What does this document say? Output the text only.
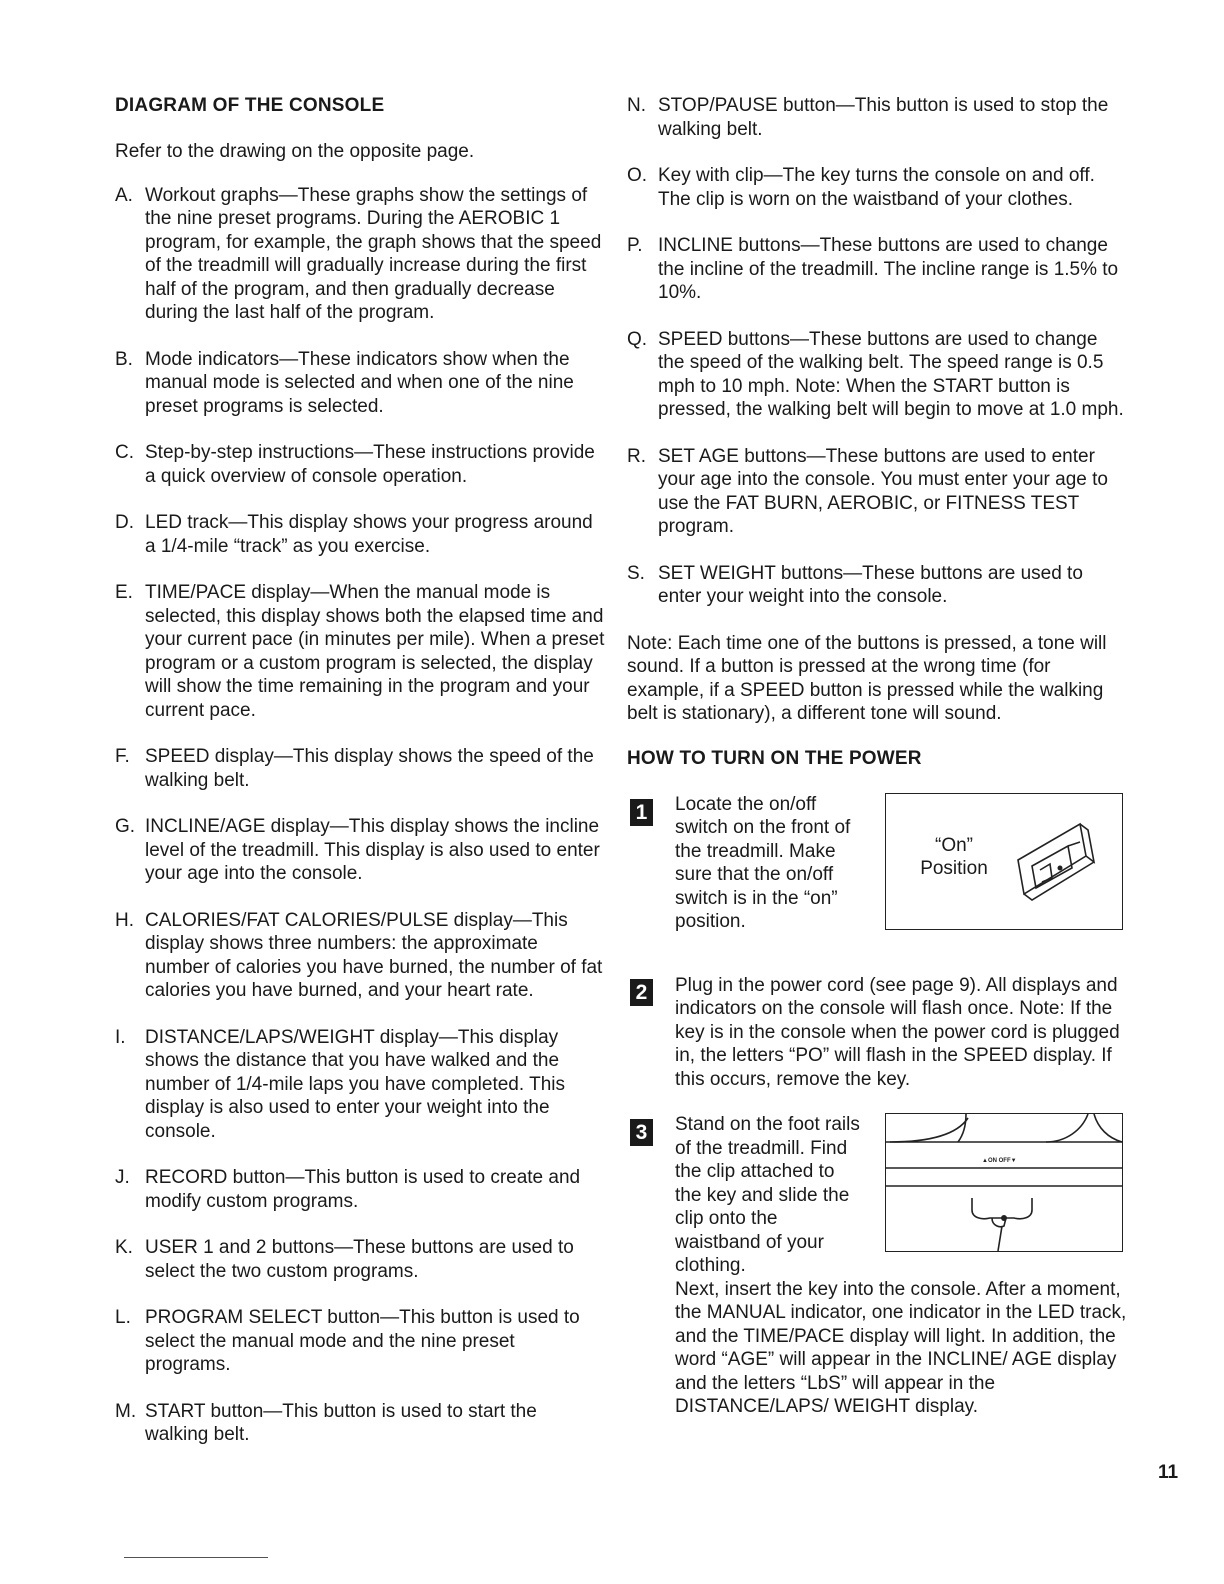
DIAGRAM OF THE CONSOLE

Refer to the drawing on the opposite page.

A. Workout graphs—These graphs show the settings of the nine preset programs. During the AEROBIC 1 program, for example, the graph shows that the speed of the treadmill will gradually increase during the first half of the program, and then gradually decrease during the last half of the program.
B. Mode indicators—These indicators show when the manual mode is selected and when one of the nine preset programs is selected.
C. Step-by-step instructions—These instructions provide a quick overview of console operation.
D. LED track—This display shows your progress around a 1/4-mile “track” as you exercise.
E. TIME/PACE display—When the manual mode is selected, this display shows both the elapsed time and your current pace (in minutes per mile). When a preset program or a custom program is selected, the display will show the time remaining in the program and your current pace.
F. SPEED display—This display shows the speed of the walking belt.
G. INCLINE/AGE display—This display shows the incline level of the treadmill. This display is also used to enter your age into the console.
H. CALORIES/FAT CALORIES/PULSE display—This display shows three numbers: the approximate number of calories you have burned, the number of fat calories you have burned, and your heart rate.
I.	DISTANCE/LAPS/WEIGHT display—This display shows the distance that you have walked and the number of 1/4-mile laps you have completed. This display is also used to enter your weight into the console.
J. RECORD button—This button is used to create and modify custom programs.
K. USER 1 and 2 buttons—These buttons are used to select the two custom programs.
L. PROGRAM SELECT button—This button is used to select the manual mode and the nine preset programs.
M. START button—This button is used to start the walking belt.
N. STOP/PAUSE button—This button is used to stop the walking belt.
O. Key with clip—The key turns the console on and off. The clip is worn on the waistband of your clothes.
P. INCLINE buttons—These buttons are used to change the incline of the treadmill. The incline range is 1.5% to 10%.
Q. SPEED buttons—These buttons are used to change the speed of the walking belt. The speed range is 0.5 mph to 10 mph. Note: When the START button is pressed, the walking belt will begin to move at 1.0 mph.
R. SET AGE buttons—These buttons are used to enter your age into the console. You must enter your age to use the FAT BURN, AEROBIC, or FITNESS TEST program.
S. SET WEIGHT buttons—These buttons are used to enter your weight into the console.

Note: Each time one of the buttons is pressed, a tone will sound. If a button is pressed at the wrong time (for example, if a SPEED button is pressed while the walking belt is stationary), a different tone will sound.

HOW TO TURN ON THE POWER
1 Locate the on/off switch on the front of the treadmill. Make sure that the on/off switch is in the “on” position.
“On”
Position
2 Plug in the power cord (see page 9). All displays and indicators on the console will flash once. Note: If the key is in the console when the power cord is plugged in, the letters “PO” will flash in the SPEED display. If this occurs, remove the key.
3 Stand on the foot rails of the treadmill. Find the clip attached to the key and slide the clip onto the waistband of your clothing.
Next, insert the key into the console. After a moment, the MANUAL indicator, one indicator in the LED track, and the TIME/PACE display will light. In addition, the word “AGE” will appear in the INCLINE/ AGE display and the letters “LbS” will appear in the DISTANCE/LAPS/ WEIGHT display.
▲ON OFF▼
11
